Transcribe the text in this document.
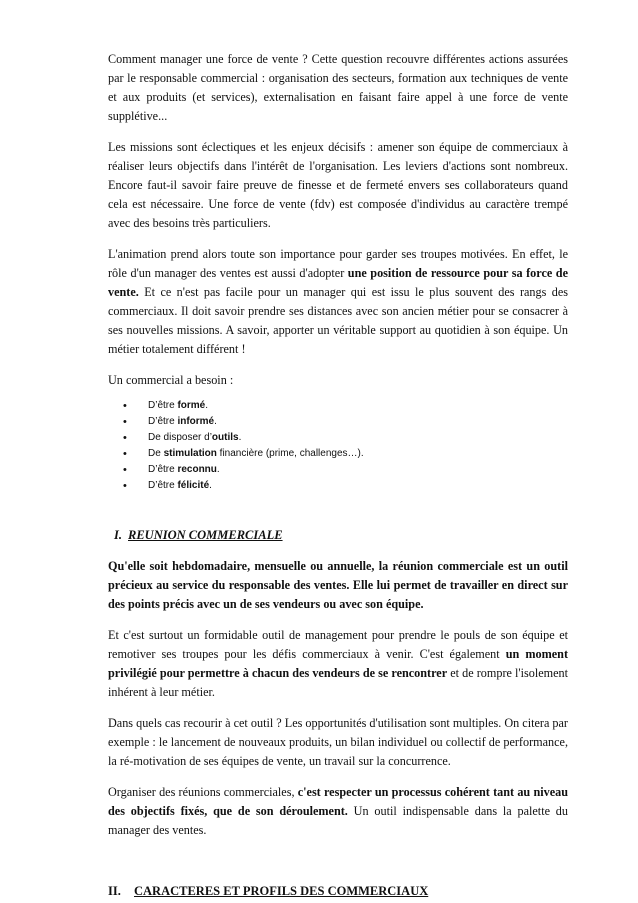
Comment manager une force de vente ? Cette question recouvre différentes actions assurées par le responsable commercial : organisation des secteurs, formation aux techniques de vente et aux produits (et services), externalisation en faisant faire appel à une force de vente supplétive...

Les missions sont éclectiques et les enjeux décisifs : amener son équipe de commerciaux à réaliser leurs objectifs dans l'intérêt de l'organisation. Les leviers d'actions sont nombreux. Encore faut-il savoir faire preuve de finesse et de fermeté envers ses collaborateurs quand cela est nécessaire. Une force de vente (fdv) est composée d'individus au caractère trempé avec des besoins très particuliers.

L'animation prend alors toute son importance pour garder ses troupes motivées. En effet, le rôle d'un manager des ventes est aussi d'adopter une position de ressource pour sa force de vente. Et ce n'est pas facile pour un manager qui est issu le plus souvent des rangs des commerciaux. Il doit savoir prendre ses distances avec son ancien métier pour se consacrer à ses nouvelles missions. A savoir, apporter un véritable support au quotidien à son équipe. Un métier totalement différent !

Un commercial a besoin :

• D’être formé.
• D’être informé.
• De disposer d’outils.
• De stimulation financière (prime, challenges…).
• D’être reconnu.
• D’être félicité.
I. REUNION COMMERCIALE

Qu'elle soit hebdomadaire, mensuelle ou annuelle, la réunion commerciale est un outil précieux au service du responsable des ventes. Elle lui permet de travailler en direct sur des points précis avec un de ses vendeurs ou avec son équipe.

Et c'est surtout un formidable outil de management pour prendre le pouls de son équipe et remotiver ses troupes pour les défis commerciaux à venir. C'est également un moment privilégié pour permettre à chacun des vendeurs de se rencontrer et de rompre l'isolement inhérent à leur métier.

Dans quels cas recourir à cet outil ? Les opportunités d'utilisation sont multiples. On citera par exemple : le lancement de nouveaux produits, un bilan individuel ou collectif de performance, la ré-motivation de ses équipes de vente, un travail sur la concurrence.

Organiser des réunions commerciales, c'est respecter un processus cohérent tant au niveau des objectifs fixés, que de son déroulement. Un outil indispensable dans la palette du manager des ventes.

II. CARACTERES ET PROFILS DES COMMERCIAUX
